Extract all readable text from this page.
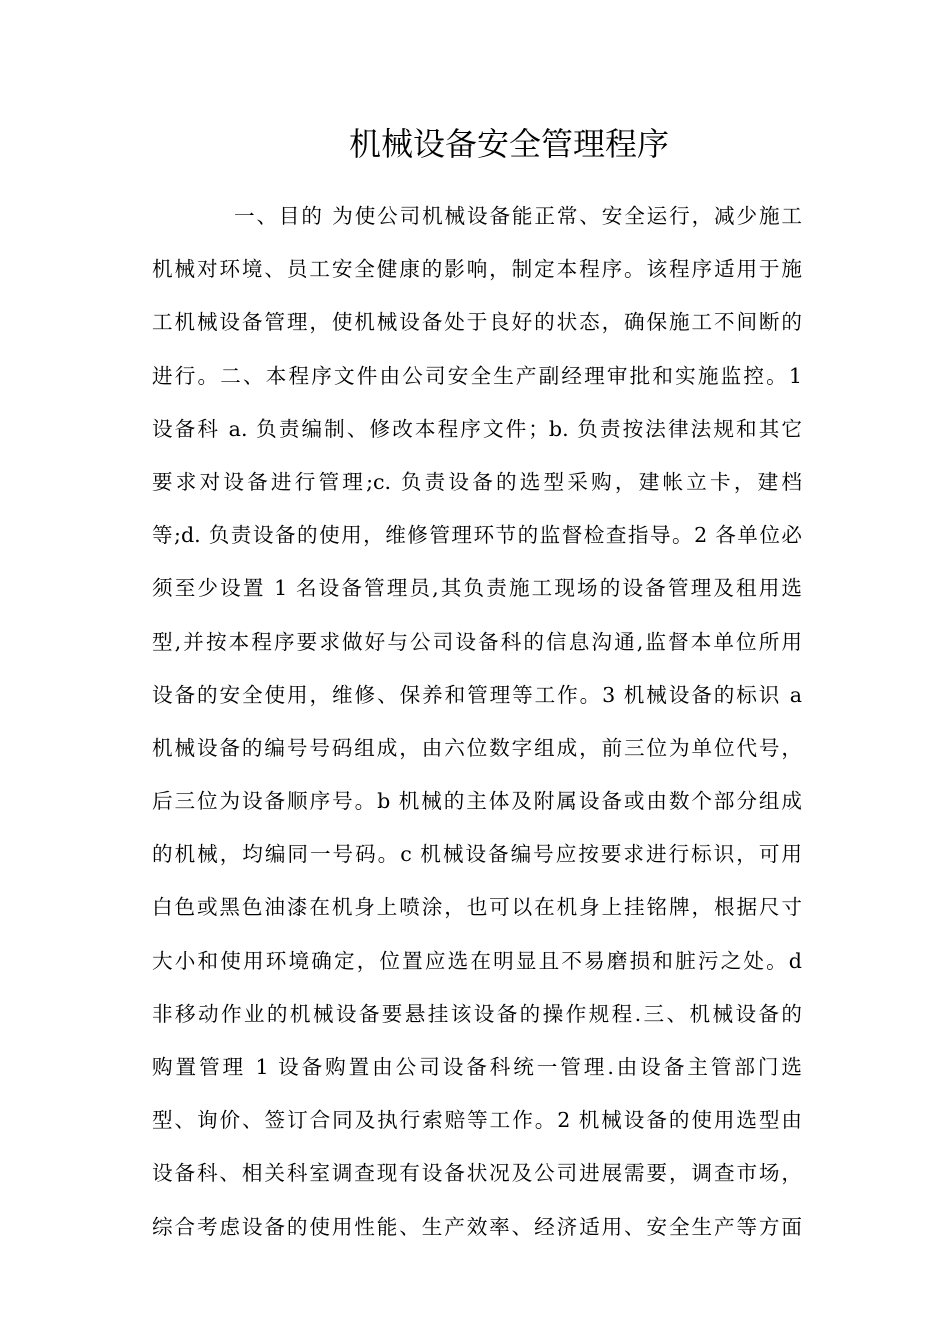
机械设备安全管理程序
一、目的 为使公司机械设备能正常、安全运行，减少施工
机械对环境、员工安全健康的影响，制定本程序。该程序适用于施
工机械设备管理，使机械设备处于良好的状态，确保施工不间断的
进行。二、本程序文件由公司安全生产副经理审批和实施监控。1
设备科 a. 负责编制、修改本程序文件；b. 负责按法律法规和其它
要求对设备进行管理;c. 负责设备的选型采购，建帐立卡，建档
等;d. 负责设备的使用，维修管理环节的监督检查指导。2 各单位必
须至少设置 1 名设备管理员,其负责施工现场的设备管理及租用选
型,并按本程序要求做好与公司设备科的信息沟通,监督本单位所用
设备的安全使用，维修、保养和管理等工作。3 机械设备的标识 a
机械设备的编号号码组成，由六位数字组成，前三位为单位代号，
后三位为设备顺序号。b 机械的主体及附属设备或由数个部分组成
的机械，均编同一号码。c 机械设备编号应按要求进行标识，可用
白色或黑色油漆在机身上喷涂，也可以在机身上挂铭牌，根据尺寸
大小和使用环境确定，位置应选在明显且不易磨损和脏污之处。d
非移动作业的机械设备要悬挂该设备的操作规程.三、机械设备的
购置管理 1 设备购置由公司设备科统一管理.由设备主管部门选
型、询价、签订合同及执行索赔等工作。2 机械设备的使用选型由
设备科、相关科室调查现有设备状况及公司进展需要，调查市场，
综合考虑设备的使用性能、生产效率、经济适用、安全生产等方面
